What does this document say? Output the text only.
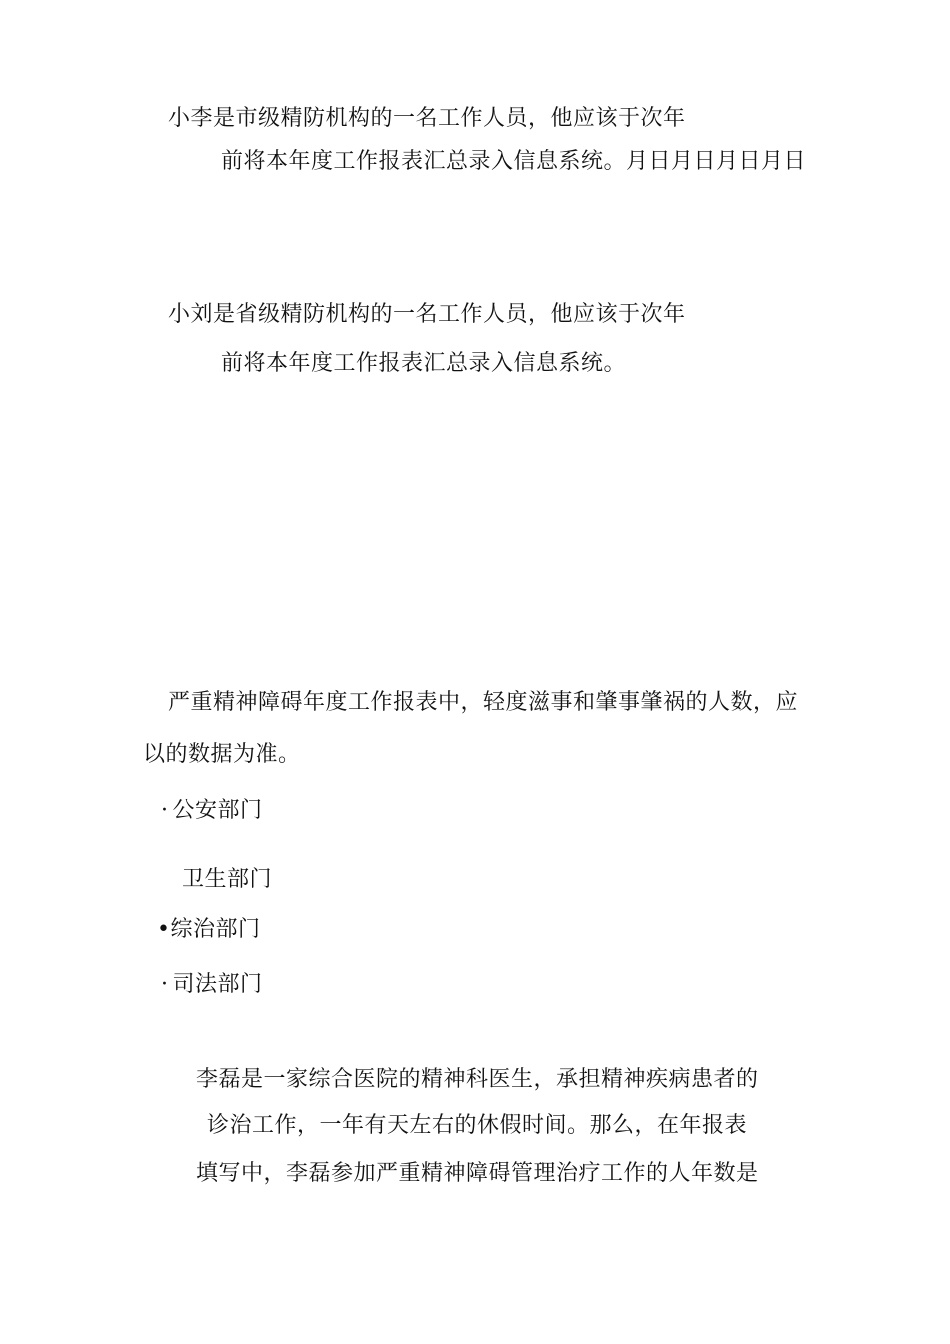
小李是市级精防机构的一名工作人员，他应该于次年
前将本年度工作报表汇总录入信息系统。月日月日月日月日
小刘是省级精防机构的一名工作人员，他应该于次年
前将本年度工作报表汇总录入信息系统。
严重精神障碍年度工作报表中，轻度滋事和肇事肇祸的人数，应
以的数据为准。
· 公安部门
卫生部门
•综治部门
· 司法部门
李磊是一家综合医院的精神科医生，承担精神疾病患者的
诊治工作，一年有天左右的休假时间。那么，在年报表
填写中，李磊参加严重精神障碍管理治疗工作的人年数是
